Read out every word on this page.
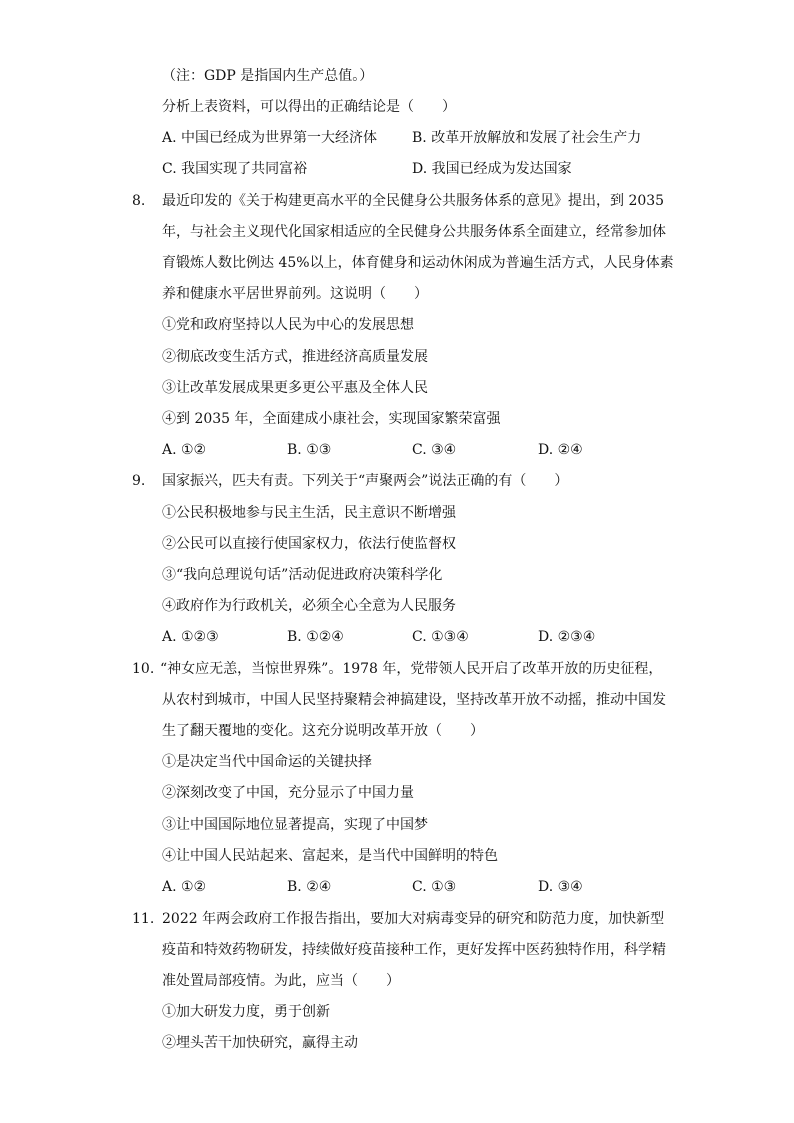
（注：GDP 是指国内生产总值。）
分析上表资料，可以得出的正确结论是（　　）
A. 中国已经成为世界第一大经济体 B. 改革开放解放和发展了社会生产力
C. 我国实现了共同富裕	D. 我国已经成为发达国家
8. 最近印发的《关于构建更高水平的全民健身公共服务体系的意见》提出，到 2035
年，与社会主义现代化国家相适应的全民健身公共服务体系全面建立，经常参加体
育锻炼人数比例达 45%以上，体育健身和运动休闲成为普遍生活方式，人民身体素
养和健康水平居世界前列。这说明（　　）
①党和政府坚持以人民为中心的发展思想
②彻底改变生活方式，推进经济高质量发展
③让改革发展成果更多更公平惠及全体人民
④到 2035 年，全面建成小康社会，实现国家繁荣富强
A. ①②	B. ①③	C. ③④	D. ②④
9. 国家振兴，匹夫有责。下列关于“声聚两会”说法正确的有（　　）
①公民积极地参与民主生活，民主意识不断增强
②公民可以直接行使国家权力，依法行使监督权
③“我向总理说句话”活动促进政府决策科学化
④政府作为行政机关，必须全心全意为人民服务
A. ①②③	B. ①②④	C. ①③④	D. ②③④
10. “神女应无恙，当惊世界殊”。1978 年，党带领人民开启了改革开放的历史征程，
从农村到城市，中国人民坚持聚精会神搞建设，坚持改革开放不动摇，推动中国发
生了翻天覆地的变化。这充分说明改革开放（　　）
①是决定当代中国命运的关键抉择
②深刻改变了中国，充分显示了中国力量
③让中国国际地位显著提高，实现了中国梦
④让中国人民站起来、富起来，是当代中国鲜明的特色
A. ①②	B. ②④	C. ①③	D. ③④
11. 2022 年两会政府工作报告指出，要加大对病毒变异的研究和防范力度，加快新型
疫苗和特效药物研发，持续做好疫苗接种工作，更好发挥中医药独特作用，科学精
准处置局部疫情。为此，应当（　　）
①加大研发力度，勇于创新
②埋头苦干加快研究，赢得主动
